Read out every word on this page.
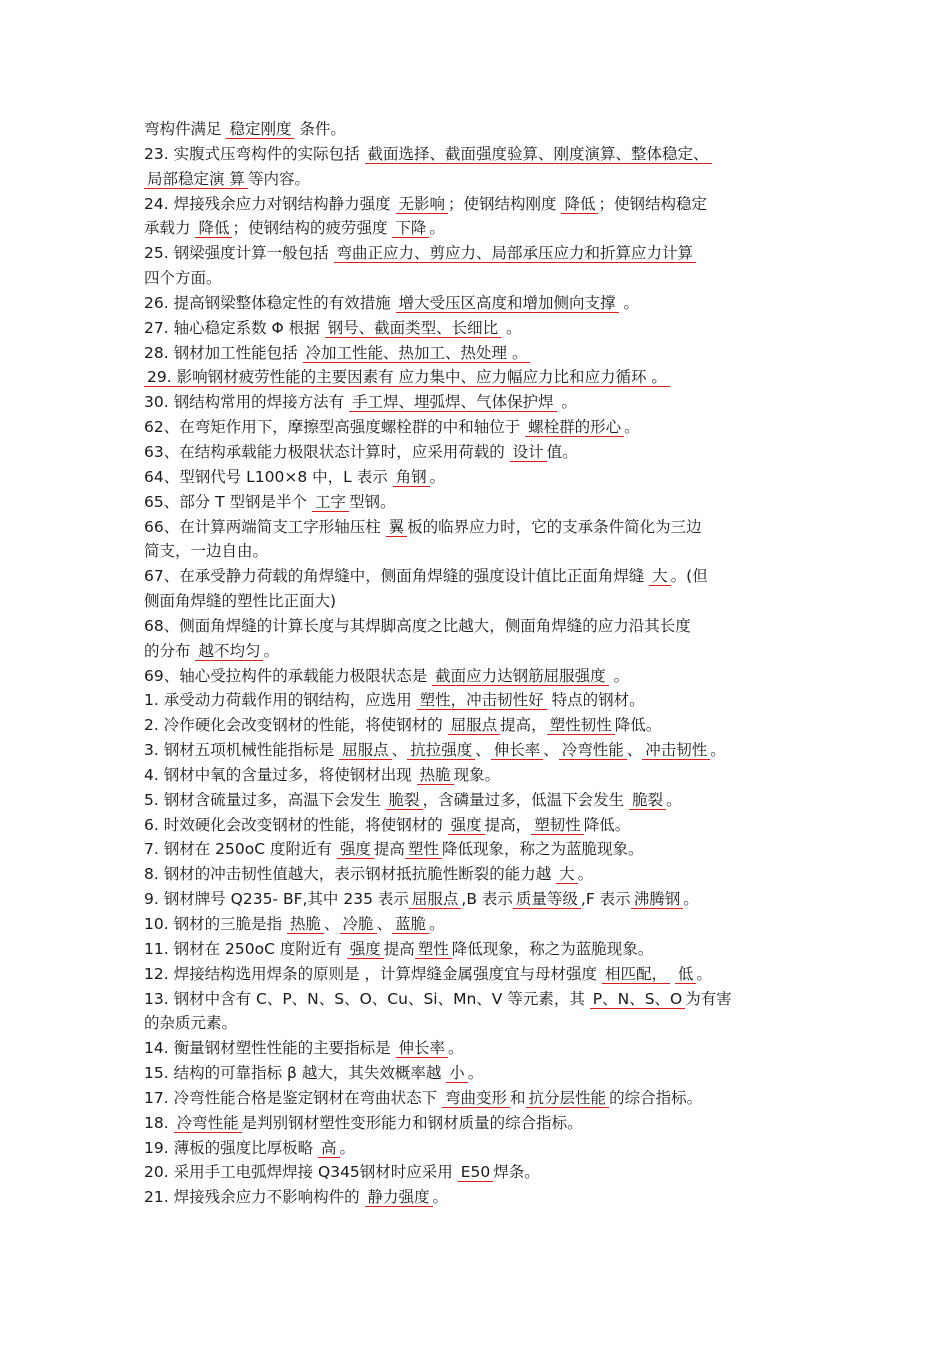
弯构件满足 稳定刚度 条件。
23. 实腹式压弯构件的实际包括 截面选择、截面强度验算、刚度演算、整体稳定、
局部稳定演 算 等内容。
24. 焊接残余应力对钢结构静力强度 无影响 ；使钢结构刚度 降低 ；使钢结构稳定
承载力 降低 ；使钢结构的疲劳强度 下降 。
25. 钢梁强度计算一般包括 弯曲正应力、剪应力、局部承压应力和折算应力计算
四个方面。
26. 提高钢梁整体稳定性的有效措施 增大受压区高度和增加侧向支撑 。
27. 轴心稳定系数 Φ 根据 钢号、截面类型、长细比 。
28. 钢材加工性能包括 冷加工性能、热加工、热处理 。
29. 影响钢材疲劳性能的主要因素有 应力集中、应力幅应力比和应力循环 。
30. 钢结构常用的焊接方法有 手工焊、埋弧焊、气体保护焊 。
62、在弯矩作用下，摩擦型高强度螺栓群的中和轴位于 螺栓群的形心 。
63、在结构承载能力极限状态计算时，应采用荷载的 设计 值。
64、型钢代号 L100×8 中，L 表示 角钢 。
65、部分 T 型钢是半个 工字 型钢。
66、在计算两端简支工字形轴压柱 翼 板的临界应力时，它的支承条件简化为三边
简支，一边自由。
67、在承受静力荷载的角焊缝中，侧面角焊缝的强度设计值比正面角焊缝 大 。(但
侧面角焊缝的塑性比正面大)
68、侧面角焊缝的计算长度与其焊脚高度之比越大，侧面角焊缝的应力沿其长度
的分布 越不均匀 。
69、轴心受拉构件的承载能力极限状态是 截面应力达钢筋屈服强度 。
1. 承受动力荷载作用的钢结构，应选用 塑性，冲击韧性好 特点的钢材。
2. 冷作硬化会改变钢材的性能，将使钢材的 屈服点 提高， 塑性韧性 降低。
3. 钢材五项机械性能指标是 屈服点 、 抗拉强度 、 伸长率 、 冷弯性能 、 冲击韧性 。
4. 钢材中氧的含量过多，将使钢材出现 热脆 现象。
5. 钢材含硫量过多，高温下会发生 脆裂 ，含磷量过多，低温下会发生 脆裂 。
6. 时效硬化会改变钢材的性能，将使钢材的 强度 提高， 塑韧性 降低。
7. 钢材在 250oC 度附近有 强度 提高 塑性 降低现象，称之为蓝脆现象。
8. 钢材的冲击韧性值越大，表示钢材抵抗脆性断裂的能力越 大 。
9. 钢材牌号 Q235- BF,其中 235 表示 屈服点 ,B 表示 质量等级 ,F 表示 沸腾钢 。
10. 钢材的三脆是指 热脆 、 冷脆 、 蓝脆 。
11. 钢材在 250oC 度附近有 强度 提高 塑性 降低现象，称之为蓝脆现象。
12. 焊接结构选用焊条的原则是 ，计算焊缝金属强度宜与母材强度 相匹配， 低 。
13. 钢材中含有 C、P、N、S、O、Cu、Si、Mn、V 等元素，其 P、N、S、O 为有害
的杂质元素。
14. 衡量钢材塑性性能的主要指标是 伸长率 。
15. 结构的可靠指标 β 越大，其失效概率越 小 。
17. 冷弯性能合格是鉴定钢材在弯曲状态下 弯曲变形 和 抗分层性能 的综合指标。
18. 冷弯性能 是判别钢材塑性变形能力和钢材质量的综合指标。
19. 薄板的强度比厚板略 高 。
20. 采用手工电弧焊焊接 Q345钢材时应采用 E50 焊条。
21. 焊接残余应力不影响构件的 静力强度 。
